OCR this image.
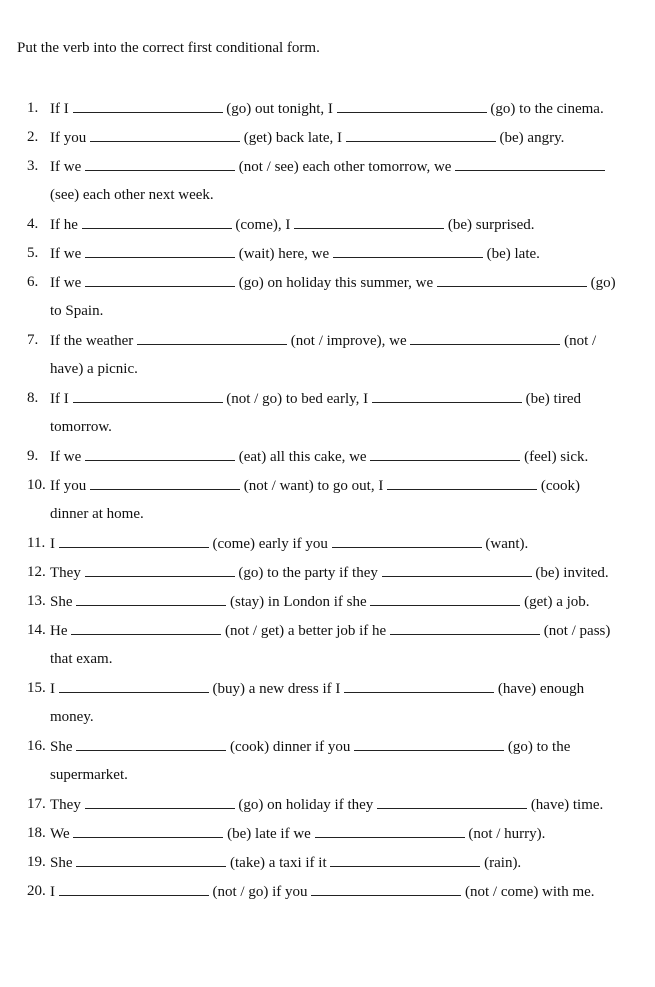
Put the verb into the correct first conditional form.
1. If I	(go) out tonight, I	(go) to the cinema.
2. If you	(get) back late, I	(be) angry.
3. If we	(not / see) each other tomorrow, we
(see) each other next week.
4. If he	(come), I	(be) surprised.
5. If we	(wait) here, we	(be) late.
6. If we	(go) on holiday this summer, we	(go)
to Spain.
7. If the weather	(not / improve), we	(not /
have) a picnic.
8. If I	(not / go) to bed early, I	(be) tired
tomorrow.
9. If we	(eat) all this cake, we	(feel) sick.
10. If you	(not / want) to go out, I	(cook)
dinner at home.
11. I	(come) early if you	(want).
12. They	(go) to the party if they	(be) invited.
13. She	(stay) in London if she	(get) a job.
14. He	(not / get) a better job if he	(not / pass)
that exam.
15. I	(buy) a new dress if I	(have) enough
money.
16. She	(cook) dinner if you	(go) to the
supermarket.
17. They	(go) on holiday if they	(have) time.
18. We	(be) late if we	(not / hurry).
19. She	(take) a taxi if it	(rain).
20. I	(not / go) if you	(not / come) with me.
